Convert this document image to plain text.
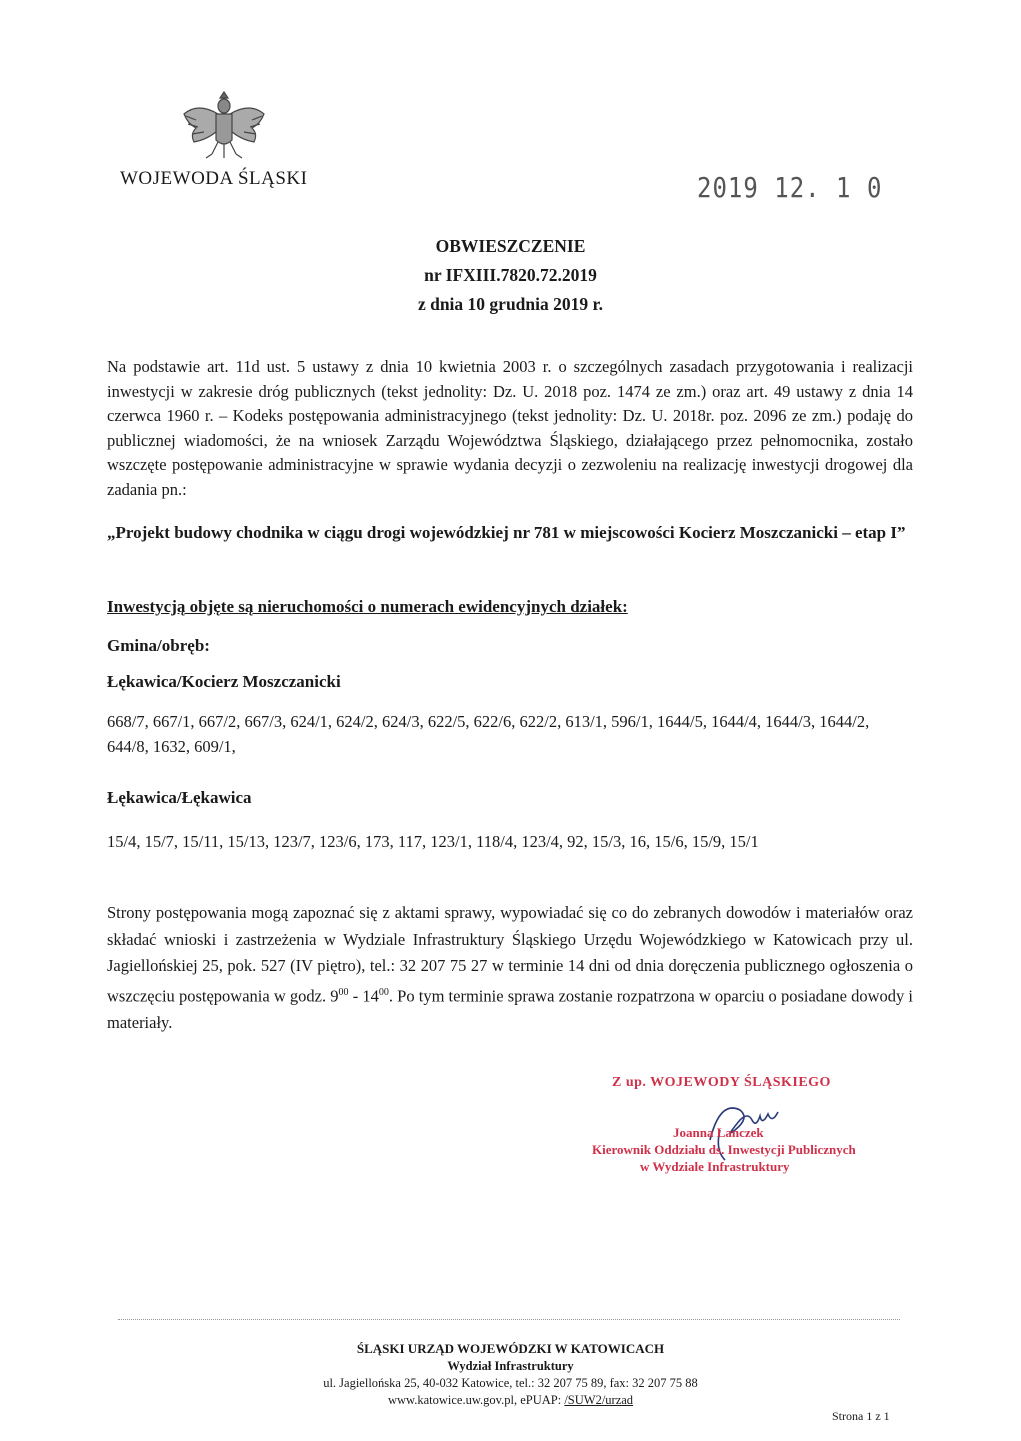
WOJEWODA ŚLĄSKI	2019 12. 1 0
OBWIESZCZENIE
nr IFXIII.7820.72.2019
z dnia 10 grudnia 2019 r.
Na podstawie art. 11d ust. 5 ustawy z dnia 10 kwietnia 2003 r. o szczególnych zasadach przygotowania i realizacji inwestycji w zakresie dróg publicznych (tekst jednolity: Dz. U. 2018 poz. 1474 ze zm.) oraz art. 49 ustawy z dnia 14 czerwca 1960 r. – Kodeks postępowania administracyjnego (tekst jednolity: Dz. U. 2018r. poz. 2096 ze zm.) podaję do publicznej wiadomości, że na wniosek Zarządu Województwa Śląskiego, działającego przez pełnomocnika, zostało wszczęte postępowanie administracyjne w sprawie wydania decyzji o zezwoleniu na realizację inwestycji drogowej dla zadania pn.:
„Projekt budowy chodnika w ciągu drogi wojewódzkiej nr 781 w miejscowości Kocierz Moszczanicki – etap I”
Inwestycją objęte są nieruchomości o numerach ewidencyjnych działek:
Gmina/obręb:
Łękawica/Kocierz Moszczanicki
668/7, 667/1, 667/2, 667/3, 624/1, 624/2, 624/3, 622/5, 622/6, 622/2, 613/1, 596/1, 1644/5, 1644/4, 1644/3, 1644/2, 644/8, 1632, 609/1,
Łękawica/Łękawica
15/4, 15/7, 15/11, 15/13, 123/7, 123/6, 173, 117, 123/1, 118/4, 123/4, 92, 15/3, 16, 15/6, 15/9, 15/1
Strony postępowania mogą zapoznać się z aktami sprawy, wypowiadać się co do zebranych dowodów i materiałów oraz składać wnioski i zastrzeżenia w Wydziale Infrastruktury Śląskiego Urzędu Wojewódzkiego w Katowicach przy ul. Jagiellońskiej 25, pok. 527 (IV piętro), tel.: 32 207 75 27 w terminie 14 dni od dnia doręczenia publicznego ogłoszenia o wszczęciu postępowania w godz. $9^{00} - 14^{00}$. Po tym terminie sprawa zostanie rozpatrzona w oparciu o posiadane dowody i materiały.
Z up. WOJEWODY ŚLĄSKIEGO
Joanna Lanczek
Kierownik Oddziału ds. Inwestycji Publicznych
w Wydziale Infrastruktury
ŚLĄSKI URZĄD WOJEWÓDZKI W KATOWICACH
Wydział Infrastruktury
ul. Jagiellońska 25, 40-032 Katowice, tel.: 32 207 75 89, fax: 32 207 75 88
www.katowice.uw.gov.pl, ePUAP: /SUW2/urzad
Strona 1 z 1
